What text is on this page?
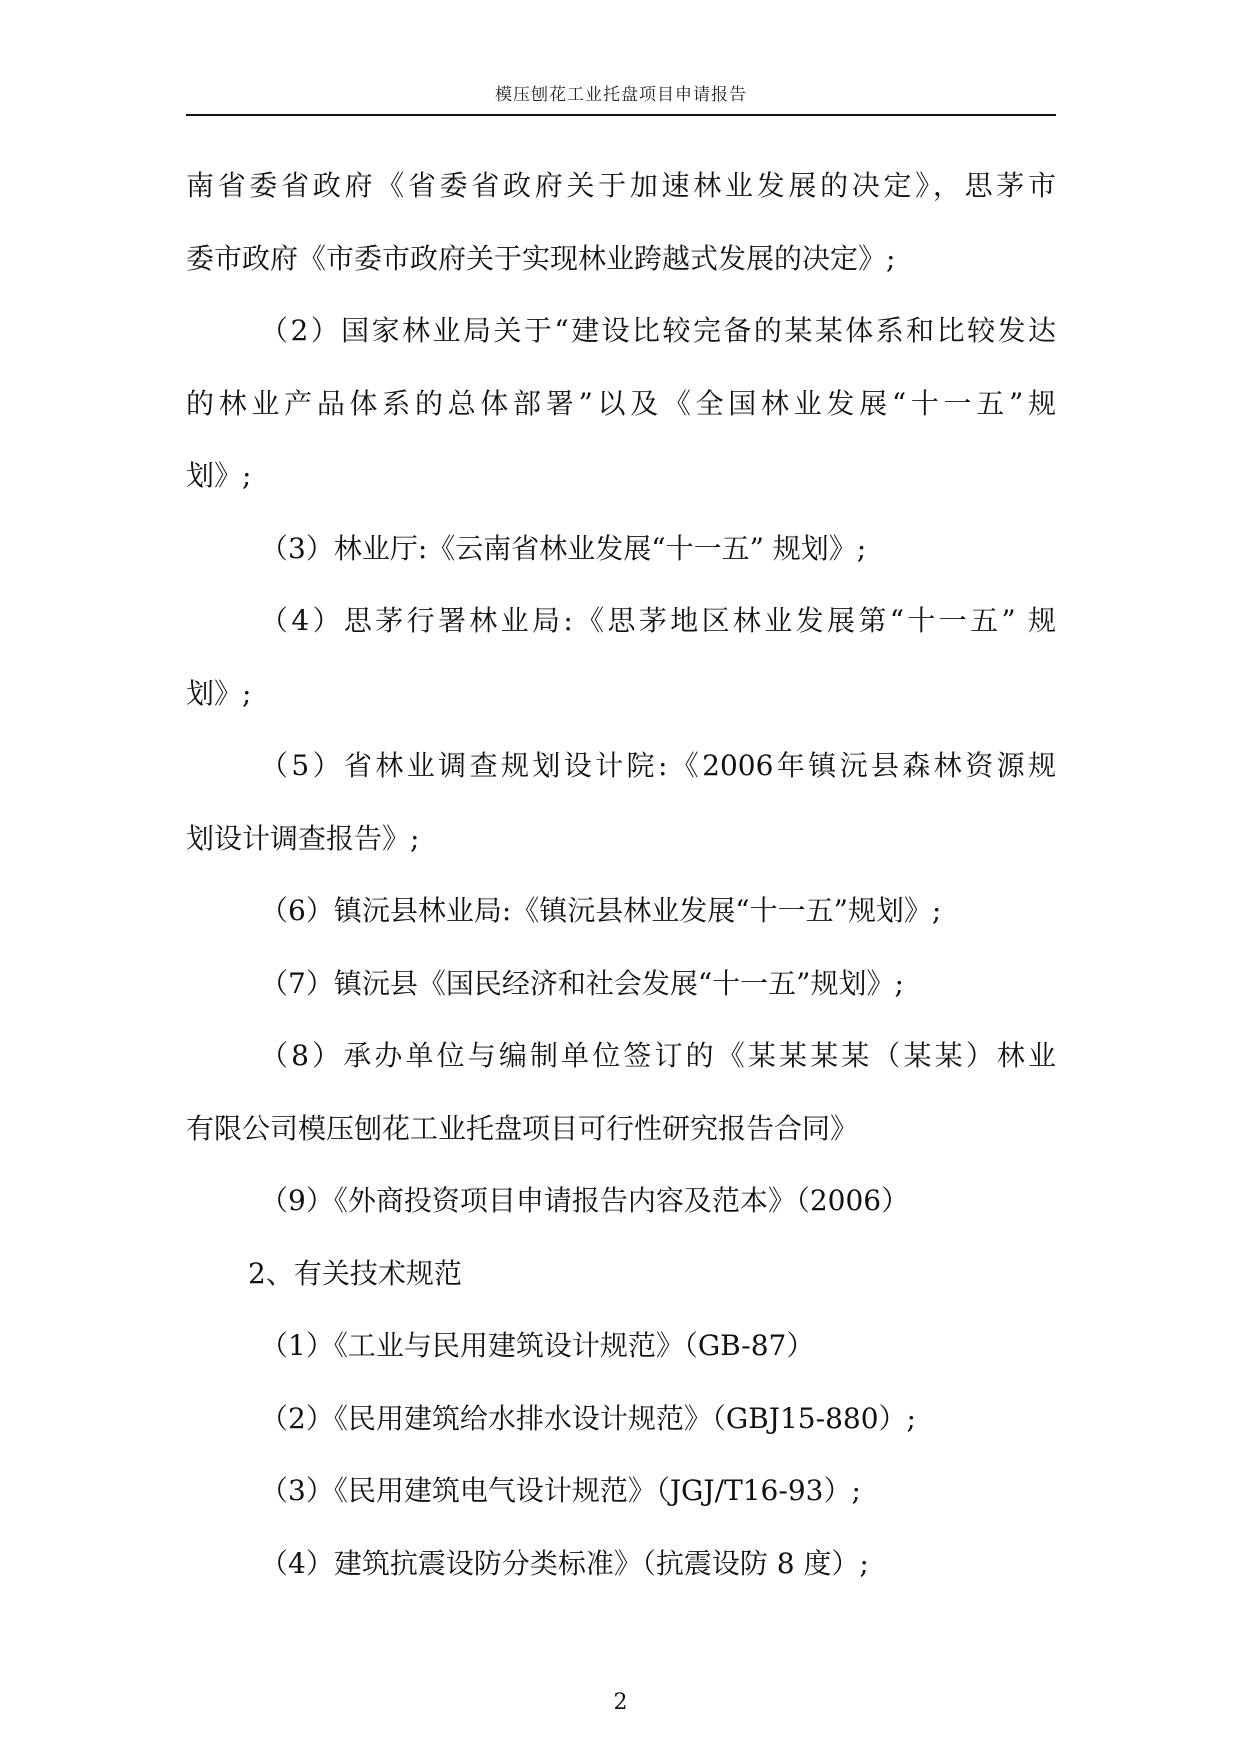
模压刨花工业托盘项目申请报告
南省委省政府《省委省政府关于加速林业发展的决定》，思茅市
委市政府《市委市政府关于实现林业跨越式发展的决定》;
（2）国家林业局关于“建设比较完备的某某体系和比较发达
的林业产品体系的总体部署”以及《全国林业发展“十一五”规
划》;
（3）林业厅:《云南省林业发展“十一五” 规划》;
（4）思茅行署林业局:《思茅地区林业发展第“十一五” 规
划》;
（5）省林业调查规划设计院:《2006年镇沅县森林资源规
划设计调查报告》;
（6）镇沅县林业局:《镇沅县林业发展“十一五”规划》;
（7）镇沅县《国民经济和社会发展“十一五”规划》;
（8）承办单位与编制单位签订的《某某某某（某某）林业
有限公司模压刨花工业托盘项目可行性研究报告合同》
（9）《外商投资项目申请报告内容及范本》（2006）
2、有关技术规范
（1）《工业与民用建筑设计规范》（GB-87）
（2）《民用建筑给水排水设计规范》（GBJ15-880）;
（3）《民用建筑电气设计规范》（JGJ/T16-93）;
（4）建筑抗震设防分类标准》（抗震设防 8 度）;
2
